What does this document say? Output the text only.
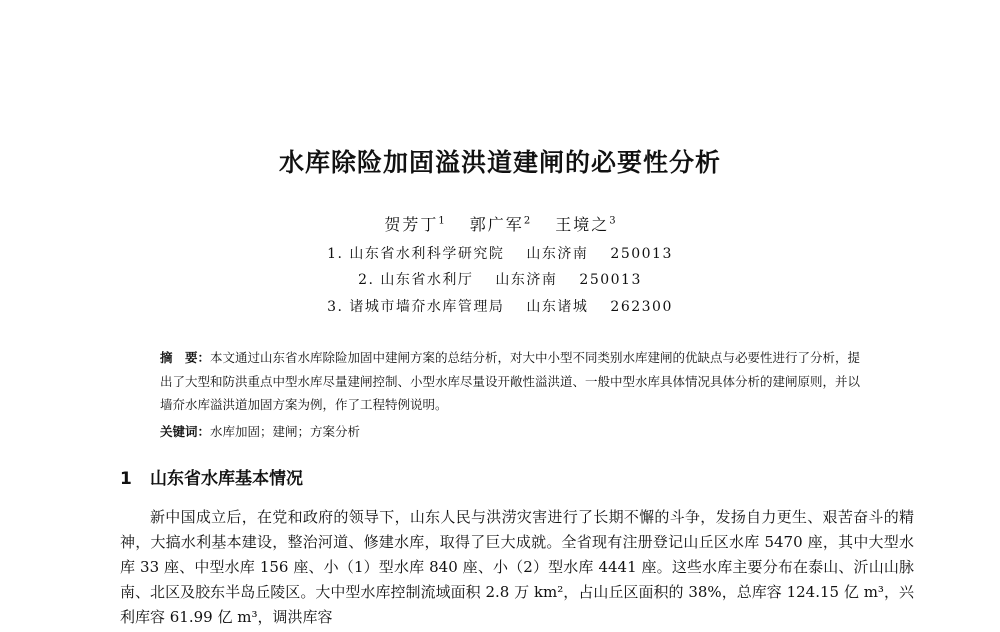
水库除险加固溢洪道建闸的必要性分析
贺芳丁$^1$ 郭广军$^2$ 王境之$^3$
1. 山东省水利科学研究院 山东济南 250013
2. 山东省水利厅 山东济南 250013
3. 诸城市墙夼水库管理局 山东诸城 262300
摘　要：本文通过山东省水库除险加固中建闸方案的总结分析，对大中小型不同类别水库建闸的优缺点与必要性进行了分析，提出了大型和防洪重点中型水库尽量建闸控制、小型水库尽量设开敞性溢洪道、一般中型水库具体情况具体分析的建闸原则，并以墙夼水库溢洪道加固方案为例，作了工程特例说明。
关键词：水库加固；建闸；方案分析
1 山东省水库基本情况

新中国成立后，在党和政府的领导下，山东人民与洪涝灾害进行了长期不懈的斗争，发扬自力更生、艰苦奋斗的精神，大搞水利基本建设，整治河道、修建水库，取得了巨大成就。全省现有注册登记山丘区水库 5470 座，其中大型水库 33 座、中型水库 156 座、小（1）型水库 840 座、小（2）型水库 4441 座。这些水库主要分布在泰山、沂山山脉南、北区及胶东半岛丘陵区。大中型水库控制流域面积 2.8 万 km²，占山丘区面积的 38%，总库容 124.15 亿 m³，兴利库容 61.99 亿 m³，调洪库容
